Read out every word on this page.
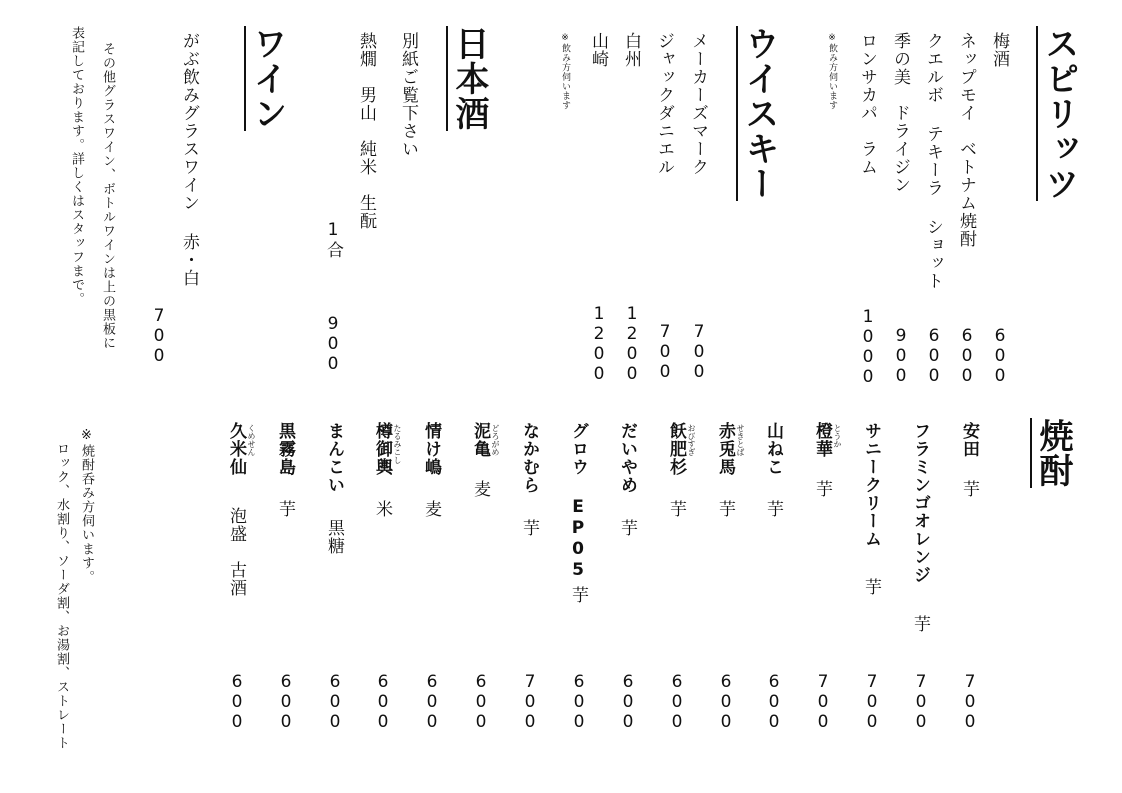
スピリッツ
梅酒
600
ネップモイ　ベトナム焼酎
600
クエルボ テキーラ ショット
600
季の美　ドライジン
900
ロンサカパ　ラム
1000
※飲み方伺います
ウイスキー
メーカーズマーク
700
ジャックダニエル
700
白州
1200
山崎
1200
※飲み方伺います
日本酒
別紙ご覧下さい
熱燗　男山　純米　生酛
1合
900
ワイン
がぶ飲みグラスワイン 赤・白
700
その他グラスワイン、ボトルワインは上の黒板に
表記しております。詳しくはスタッフまで。
焼酎
安田
芋
700
フラミンゴオレンジ
芋
700
サニークリーム
芋
700
とうか
橙華
芋
700
山ねこ
芋
600
せきとば
赤兎馬
芋
600
おびすぎ
飫肥杉
芋
600
だいやめ
芋
600
グロウ EP05
芋
600
なかむら
芋
700
どろがめ
泥亀
麦
600
情け嶋
麦
600
たるみこし
樽御輿
米
600
まんこい
黒糖
600
黒霧島
芋
600
くめせん
久米仙
泡盛　古酒
600
※焼酎呑み方伺います。
ロック、水割り、ソーダ割、お湯割、ストレート
